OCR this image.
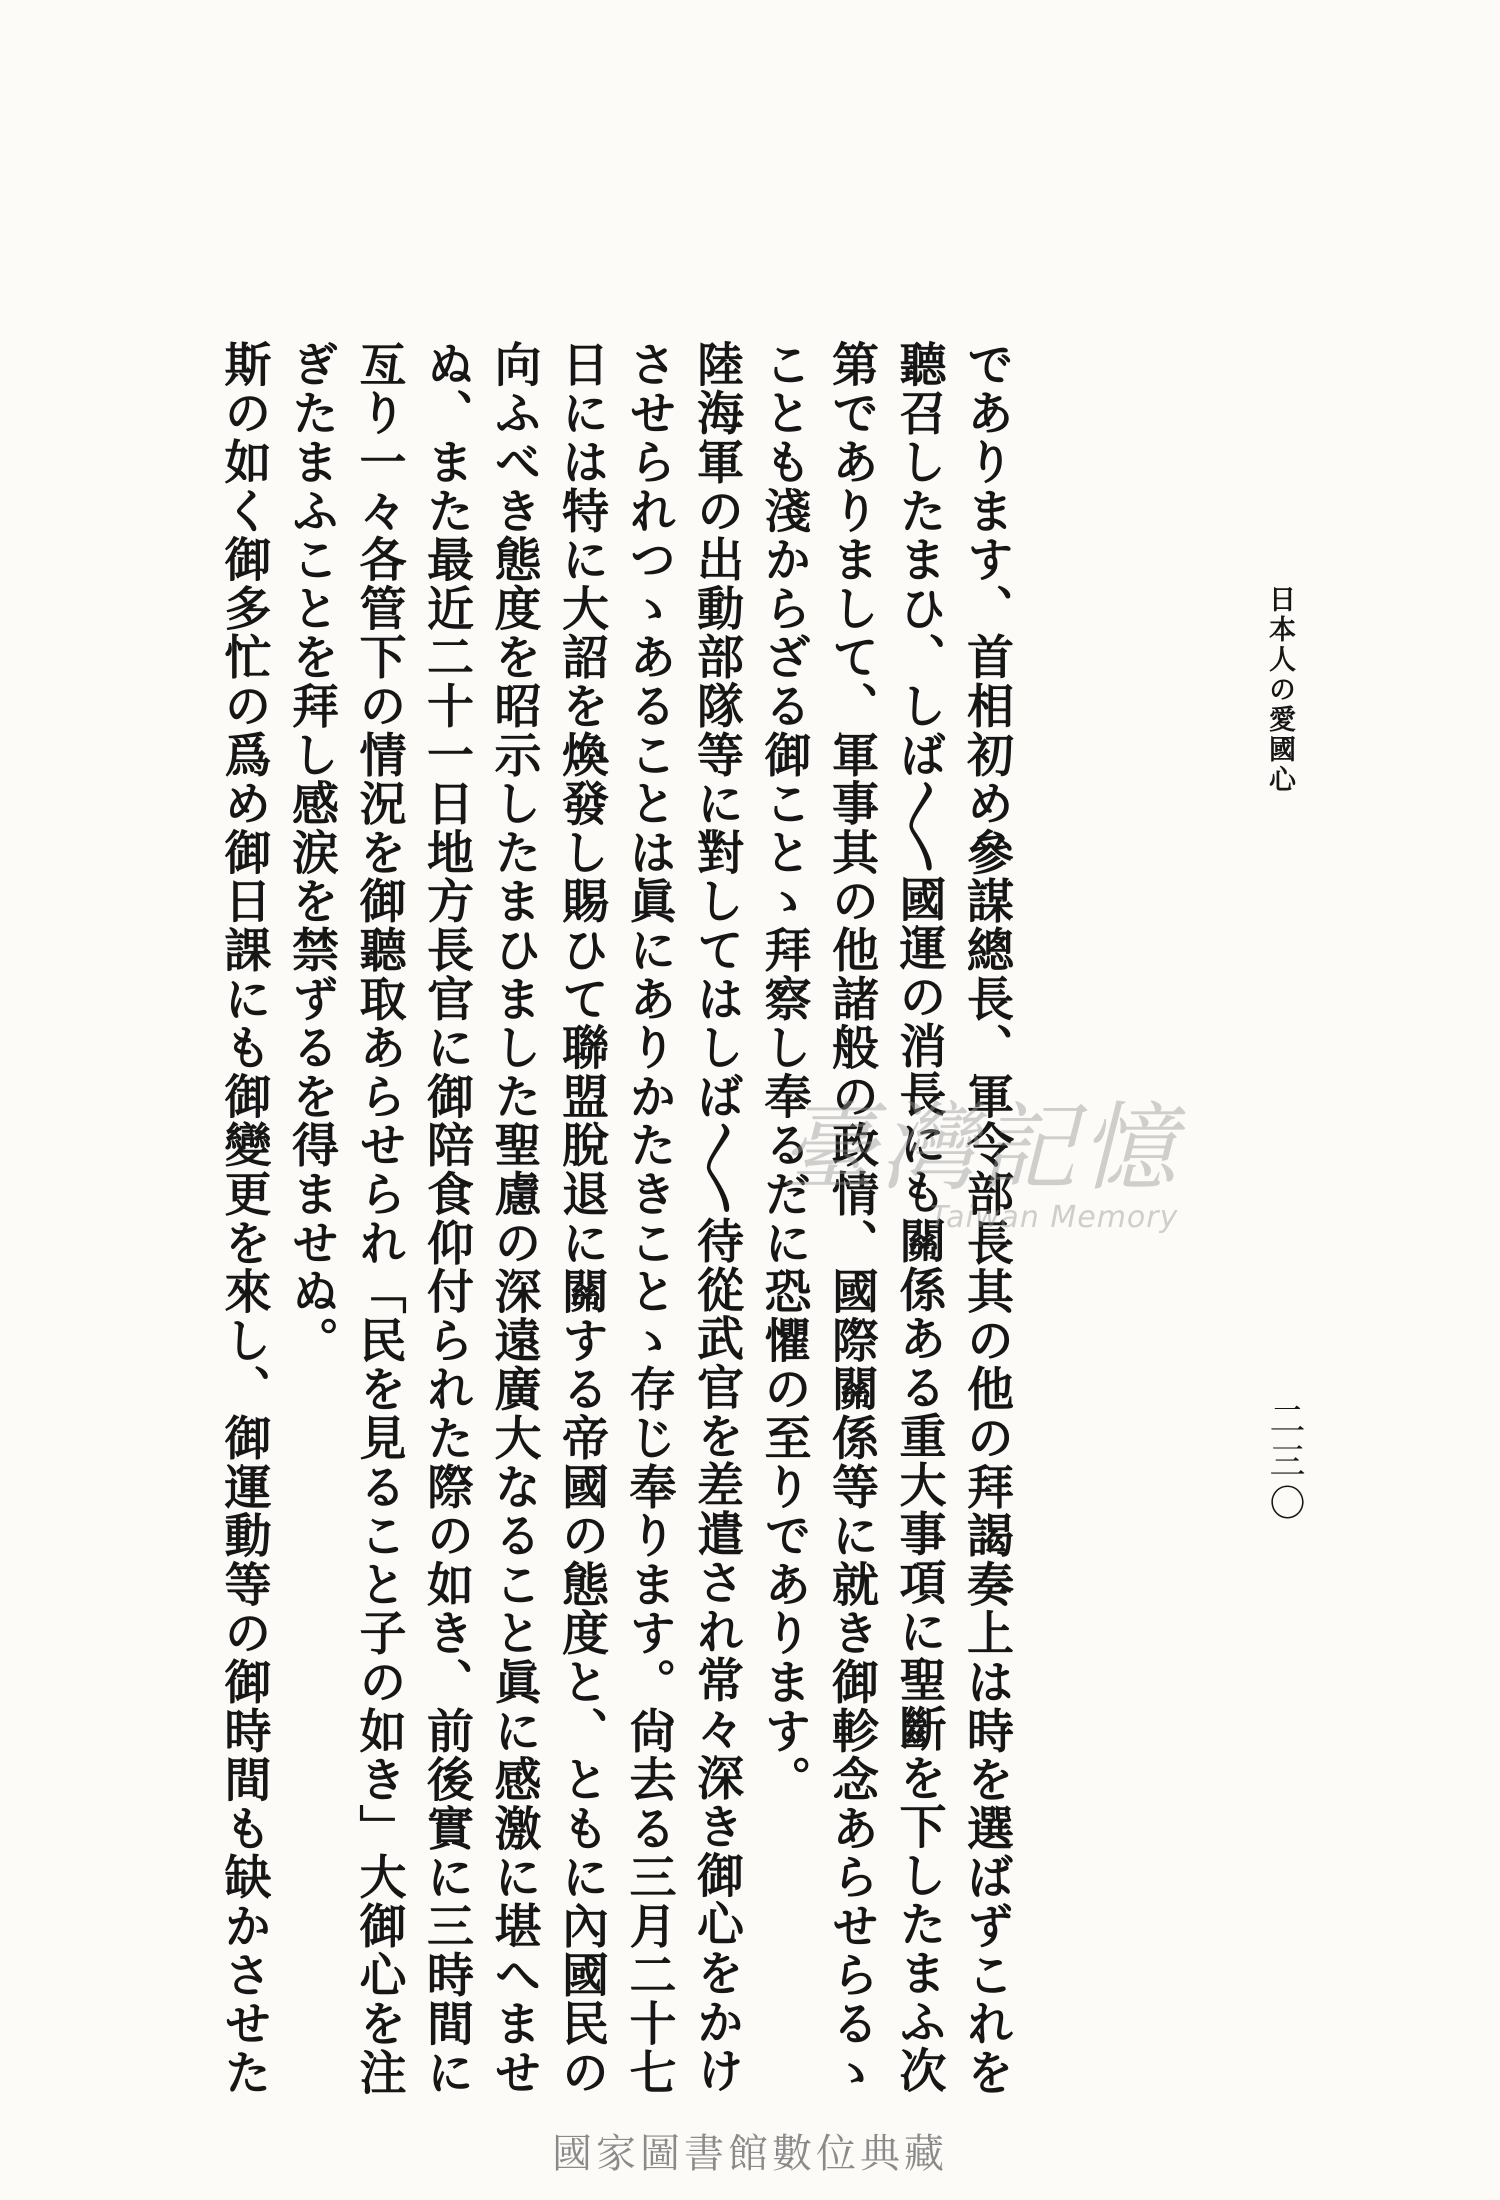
日本人の愛國心
二三〇
であります、首相初め參謀總長、軍令部長其の他の拜謁奏上は時を選ばずこれを
聽召したまひ、しば〳〵國運の消長にも關係ある重大事項に聖斷を下したまふ次
第でありまして、軍事其の他諸般の政情、國際關係等に就き御軫念あらせらるゝ
ことも淺からざる御ことゝ拜察し奉るだに恐懼の至りであります。
陸海軍の出動部隊等に對してはしば〳〵待從武官を差遣され常々深き御心をかけ
させられつゝあることは眞にありかたきことゝ存じ奉ります。尙去る三月二十七
日には特に大詔を煥發し賜ひて聯盟脫退に關する帝國の態度と、ともに內國民の
向ふべき態度を昭示したまひました聖慮の深遠廣大なること眞に感激に堪へませ
ぬ、また最近二十一日地方長官に御陪食仰付られた際の如き、前後實に三時間に
亙り一々各管下の情況を御聽取あらせられ「民を見ること子の如き」大御心を注
ぎたまふことを拜し感涙を禁ずるを得ませぬ。
斯の如く御多忙の爲め御日課にも御變更を來し、御運動等の御時間も缺かさせた	臺灣記憶
Taiwan Memory
國家圖書館數位典藏
